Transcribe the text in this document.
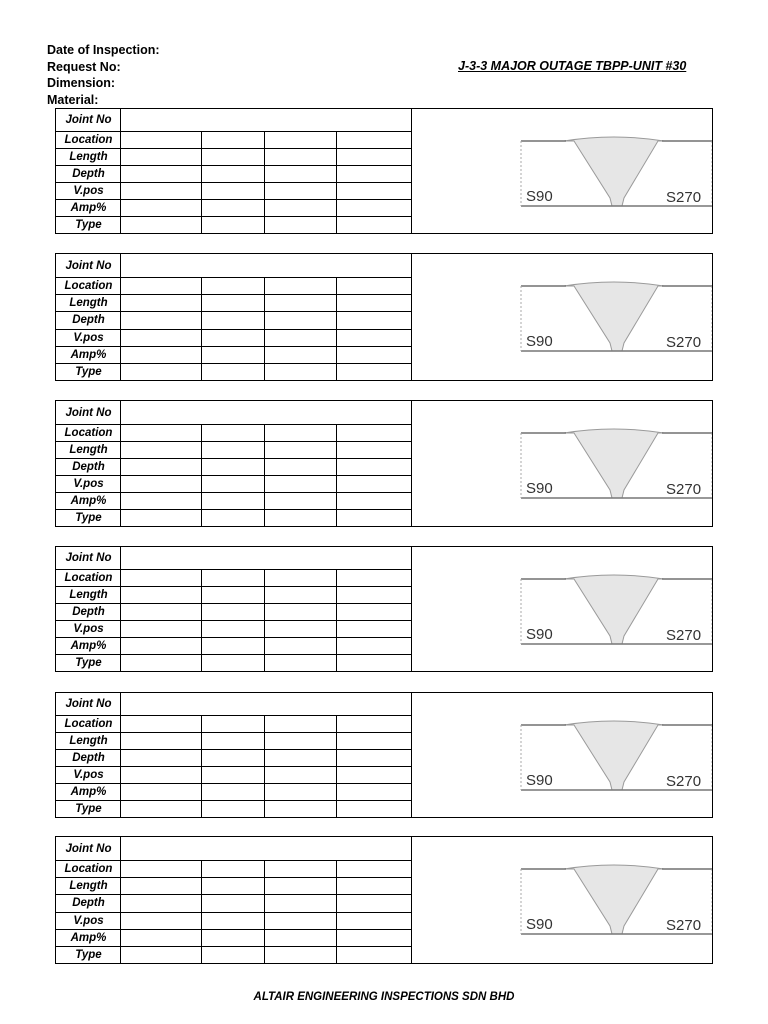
Date of Inspection:
Request No:
Dimension:
Material:
J-3-3 MAJOR OUTAGE TBPP-UNIT #30
Joint No
Location
Length
Depth
V.pos
Amp%
Type
S90	S270
Joint No
Location
Length
Depth
V.pos
Amp%
Type
S90	S270
Joint No
Location
Length
Depth
V.pos
Amp%
Type
S90	S270
Joint No
Location
Length
Depth
V.pos
Amp%
Type
S90	S270
Joint No
Location
Length
Depth
V.pos
Amp%
Type
S90	S270
Joint No
Location
Length
Depth
V.pos
Amp%
Type
S90	S270
ALTAIR ENGINEERING INSPECTIONS SDN BHD
